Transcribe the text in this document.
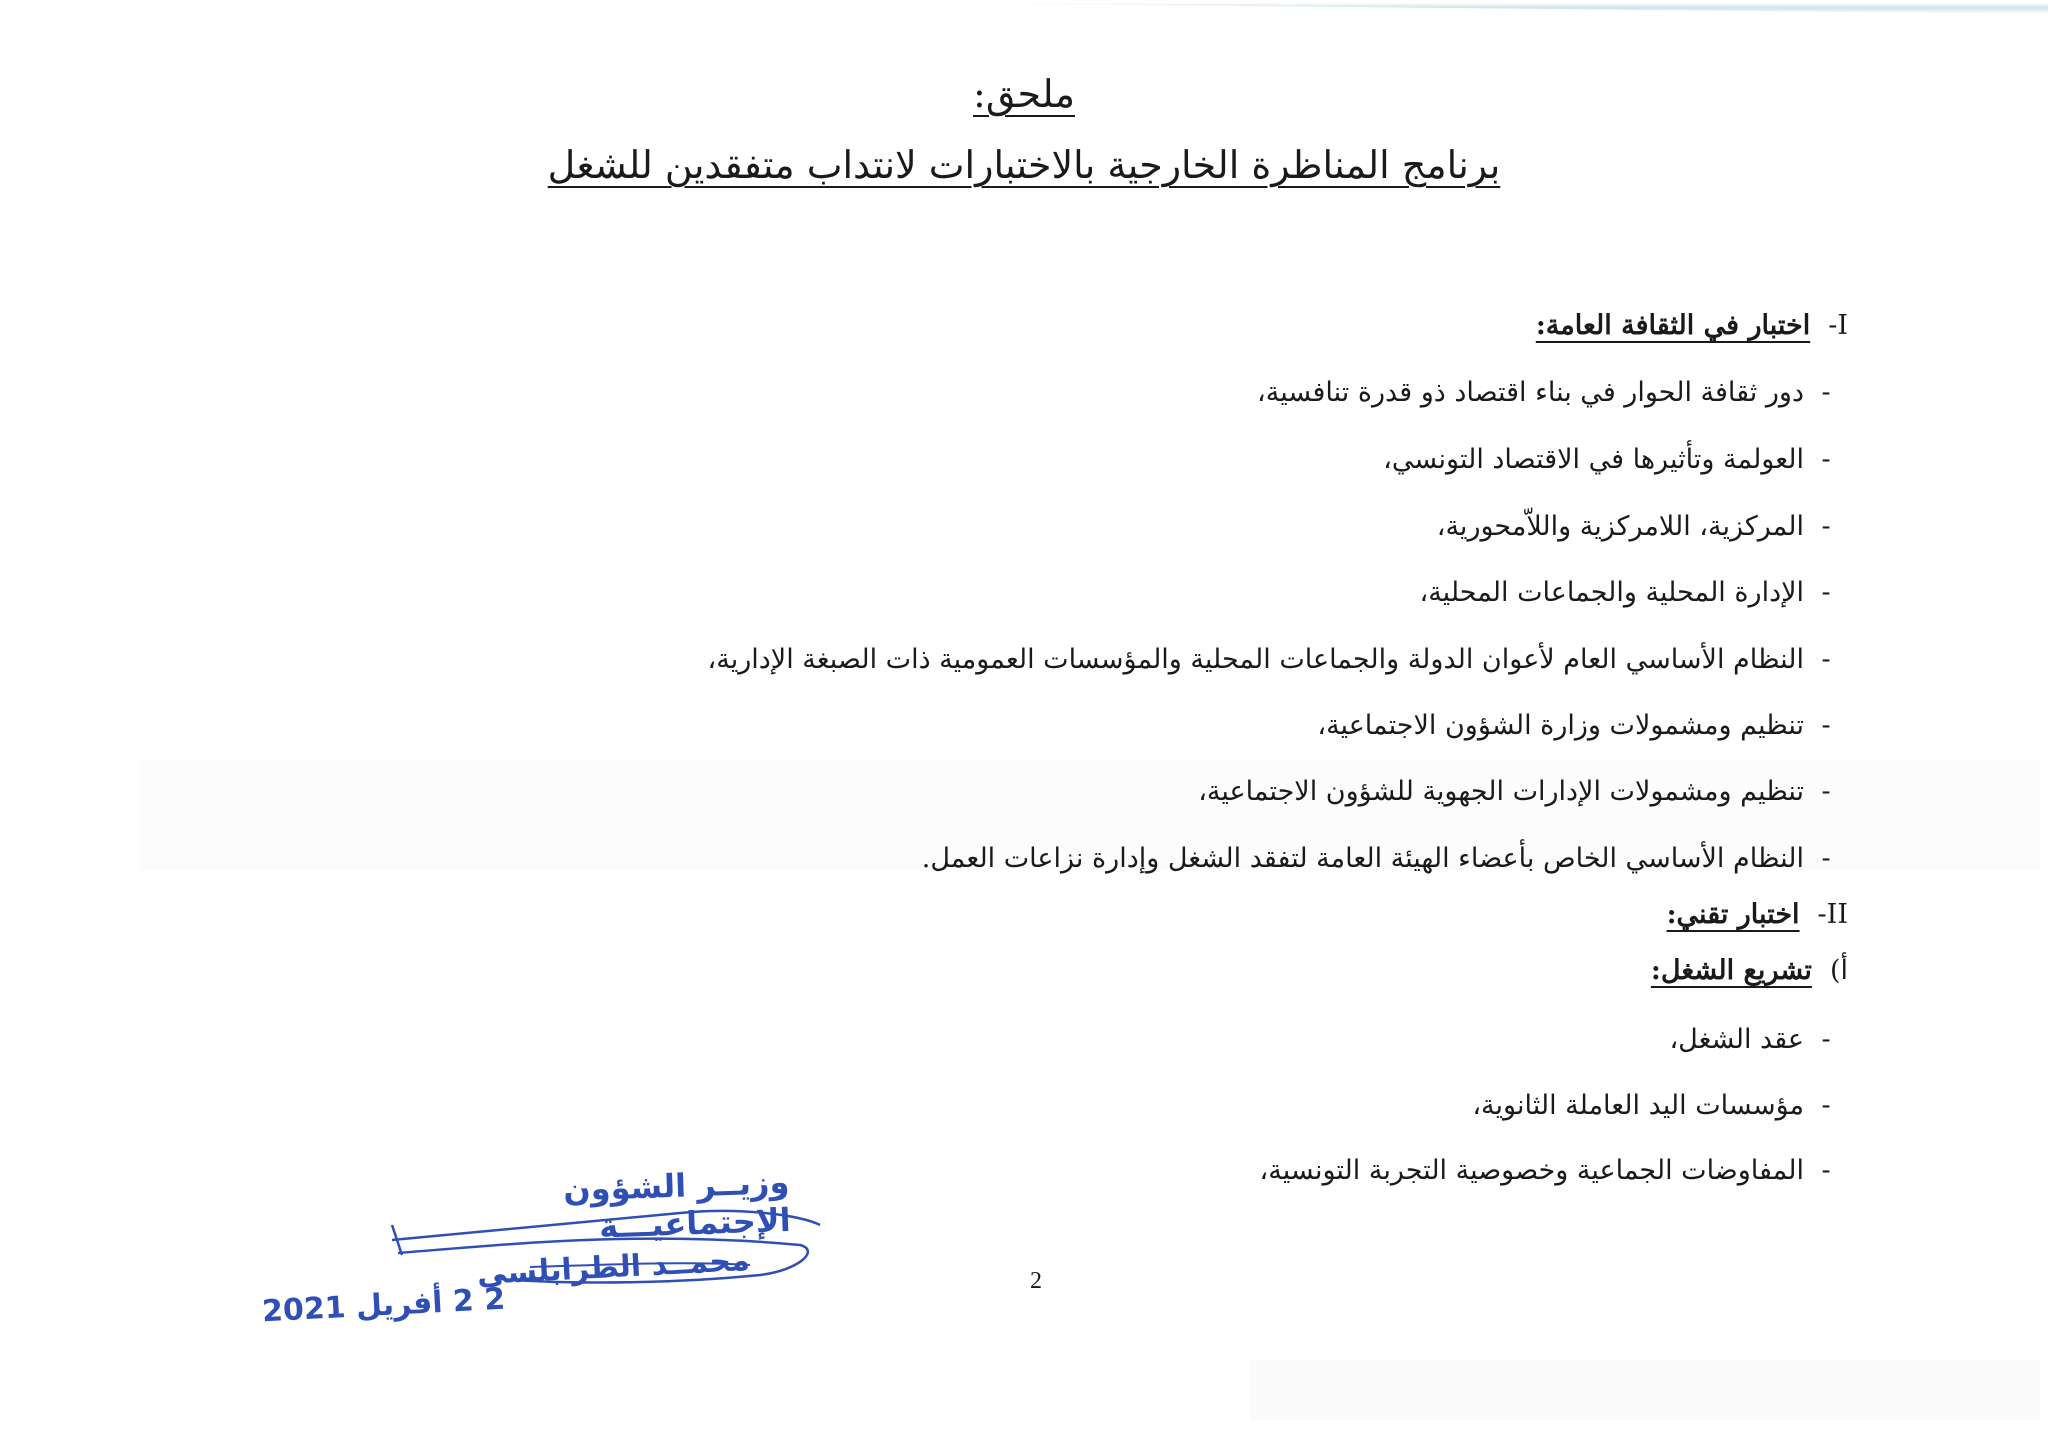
ملحق:
برنامج المناظرة الخارجية بالاختبارات لانتداب متفقدين للشغل
I-اختبار في الثقافة العامة:
-دور ثقافة الحوار في بناء اقتصاد ذو قدرة تنافسية،
-العولمة وتأثيرها في الاقتصاد التونسي،
-المركزية، اللامركزية واللاّمحورية،
-الإدارة المحلية والجماعات المحلية،
-النظام الأساسي العام لأعوان الدولة والجماعات المحلية والمؤسسات العمومية ذات الصبغة الإدارية،
-تنظيم ومشمولات وزارة الشؤون الاجتماعية،
-تنظيم ومشمولات الإدارات الجهوية للشؤون الاجتماعية،
-النظام الأساسي الخاص بأعضاء الهيئة العامة لتفقد الشغل وإدارة نزاعات العمل.
II-اختبار تقني:
أ)تشريع الشغل:
-عقد الشغل،
-مؤسسات اليد العاملة الثانوية،
-المفاوضات الجماعية وخصوصية التجربة التونسية،
وزيــر الشؤون الإجتماعيـــة
محمــد الطرابلسي
2 2 أفريل 2021
2
